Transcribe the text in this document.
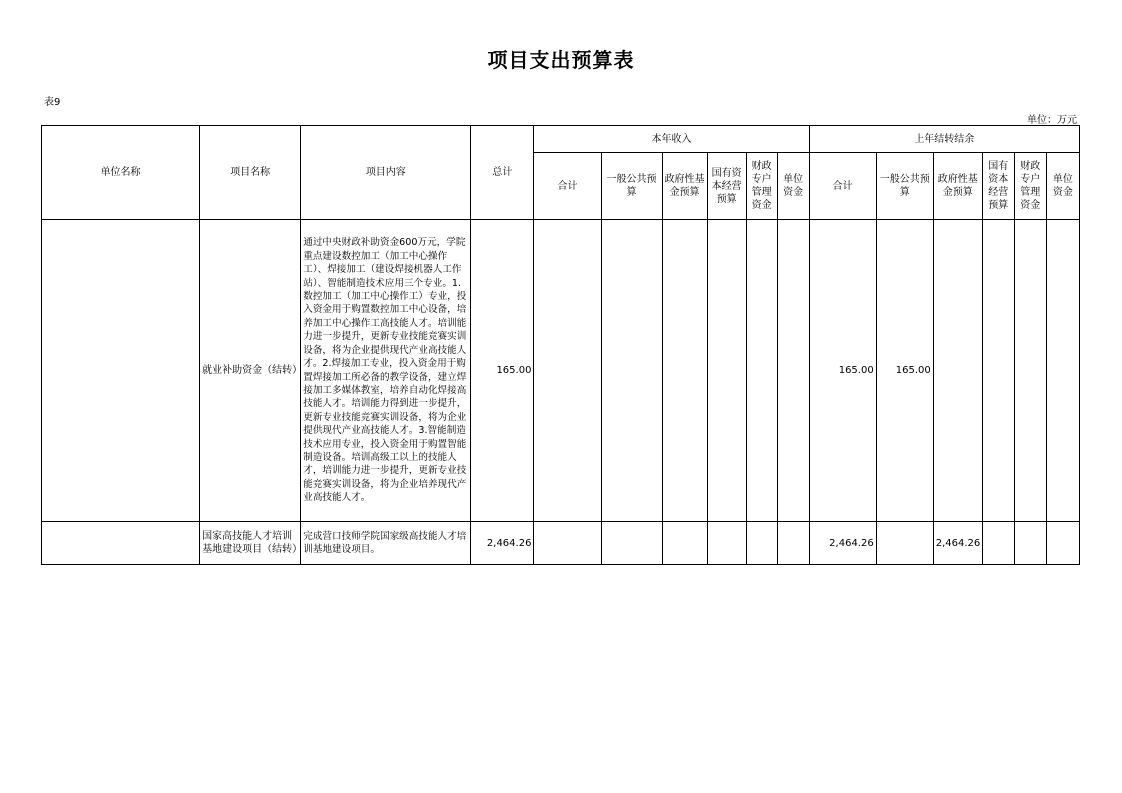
项目支出预算表
表9
单位：万元
单位名称	项目名称	项目内容	总计	本年收入						上年结转结余					
				合计	一般公共预算	政府性基金预算	国有资本经营预算	财政专户管理资金	单位资金	合计	一般公共预算	政府性基金预算	国有资本经营预算	财政专户管理资金	单位资金
	就业补助资金（结转）	通过中央财政补助资金600万元，学院重点建设数控加工（加工中心操作工）、焊接加工（建设焊接机器人工作站）、智能制造技术应用三个专业。1.数控加工（加工中心操作工）专业，投入资金用于购置数控加工中心设备，培养加工中心操作工高技能人才。培训能力进一步提升，更新专业技能竞赛实训设备，将为企业提供现代产业高技能人才。2.焊接加工专业，投入资金用于购置焊接加工所必备的教学设备，建立焊接加工多媒体教室，培养自动化焊接高技能人才。培训能力得到进一步提升，更新专业技能竞赛实训设备，将为企业提供现代产业高技能人才。3.智能制造技术应用专业，投入资金用于购置智能制造设备。培训高级工以上的技能人才，培训能力进一步提升，更新专业技能竞赛实训设备，将为企业培养现代产业高技能人才。	165.00							165.00	165.00				
	国家高技能人才培训基地建设项目（结转）	完成营口技师学院国家级高技能人才培训基地建设项目。	2,464.26							2,464.26		2,464.26			
